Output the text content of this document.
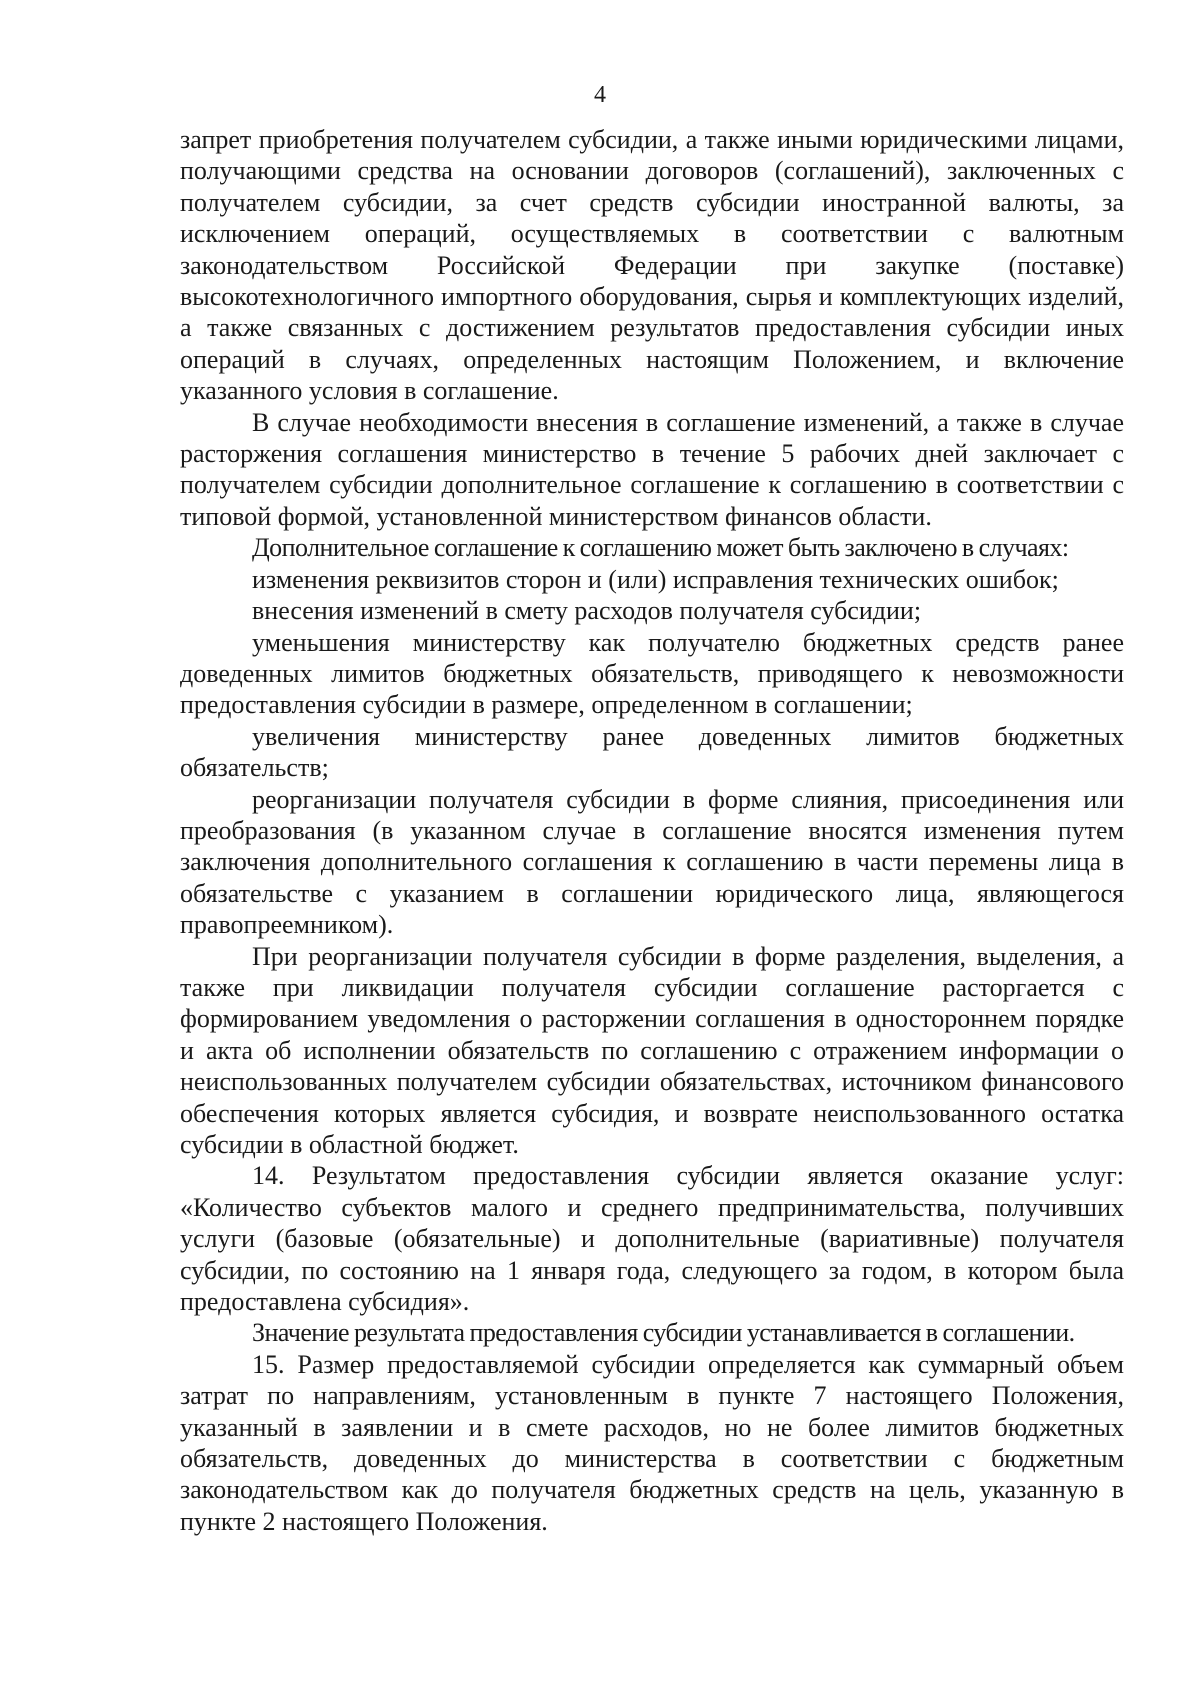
4

запрет приобретения получателем субсидии, а также иными юридическими лицами, получающими средства на основании договоров (соглашений), заключенных с получателем субсидии, за счет средств субсидии иностранной валюты, за исключением операций, осуществляемых в соответствии с валютным законодательством Российской Федерации при закупке (поставке) высокотехнологичного импортного оборудования, сырья и комплектующих изделий, а также связанных с достижением результатов предоставления субсидии иных операций в случаях, определенных настоящим Положением, и включение указанного условия в соглашение.

В случае необходимости внесения в соглашение изменений, а также в случае расторжения соглашения министерство в течение 5 рабочих дней заключает с получателем субсидии дополнительное соглашение к соглашению в соответствии с типовой формой, установленной министерством финансов области.

Дополнительное соглашение к соглашению может быть заключено в случаях:

изменения реквизитов сторон и (или) исправления технических ошибок;

внесения изменений в смету расходов получателя субсидии;

уменьшения министерству как получателю бюджетных средств ранее доведенных лимитов бюджетных обязательств, приводящего к невозможности предоставления субсидии в размере, определенном в соглашении;

увеличения министерству ранее доведенных лимитов бюджетных обязательств;

реорганизации получателя субсидии в форме слияния, присоединения или преобразования (в указанном случае в соглашение вносятся изменения путем заключения дополнительного соглашения к соглашению в части перемены лица в обязательстве с указанием в соглашении юридического лица, являющегося правопреемником).

При реорганизации получателя субсидии в форме разделения, выделения, а также при ликвидации получателя субсидии соглашение расторгается с формированием уведомления о расторжении соглашения в одностороннем порядке и акта об исполнении обязательств по соглашению с отражением информации о неиспользованных получателем субсидии обязательствах, источником финансового обеспечения которых является субсидия, и возврате неиспользованного остатка субсидии в областной бюджет.

14. Результатом предоставления субсидии является оказание услуг: «Количество субъектов малого и среднего предпринимательства, получивших услуги (базовые (обязательные) и дополнительные (вариативные) получателя субсидии, по состоянию на 1 января года, следующего за годом, в котором была предоставлена субсидия».

Значение результата предоставления субсидии устанавливается в соглашении.

15. Размер предоставляемой субсидии определяется как суммарный объем затрат по направлениям, установленным в пункте 7 настоящего Положения, указанный в заявлении и в смете расходов, но не более лимитов бюджетных обязательств, доведенных до министерства в соответствии с бюджетным законодательством как до получателя бюджетных средств на цель, указанную в пункте 2 настоящего Положения.
